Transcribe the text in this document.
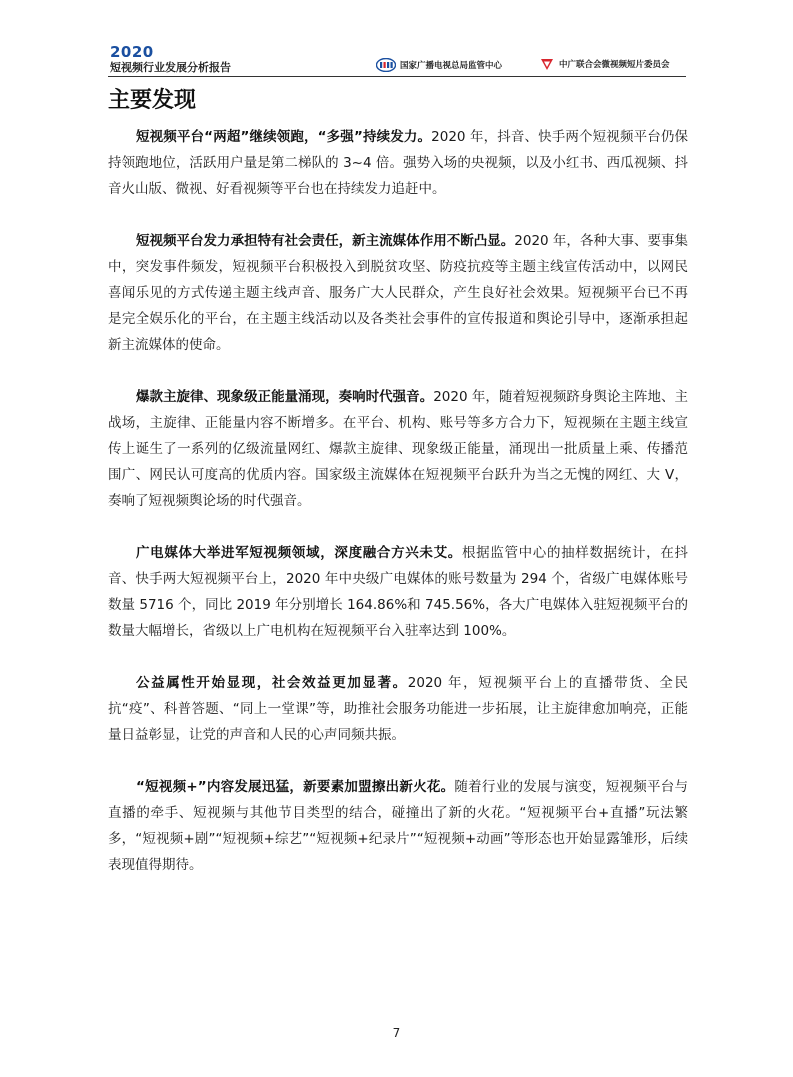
2020
短视频行业发展分析报告	国家广播电视总局监管中心	中广联合会微视频短片委员会
主要发现

短视频平台“两超”继续领跑，“多强”持续发力。2020 年，抖音、快手两个短视频平台仍保持领跑地位，活跃用户量是第二梯队的 3~4 倍。强势入场的央视频，以及小红书、西瓜视频、抖音火山版、微视、好看视频等平台也在持续发力追赶中。

短视频平台发力承担特有社会责任，新主流媒体作用不断凸显。2020 年，各种大事、要事集中，突发事件频发，短视频平台积极投入到脱贫攻坚、防疫抗疫等主题主线宣传活动中，以网民喜闻乐见的方式传递主题主线声音、服务广大人民群众，产生良好社会效果。短视频平台已不再是完全娱乐化的平台，在主题主线活动以及各类社会事件的宣传报道和舆论引导中，逐渐承担起新主流媒体的使命。

爆款主旋律、现象级正能量涌现，奏响时代强音。2020 年，随着短视频跻身舆论主阵地、主战场，主旋律、正能量内容不断增多。在平台、机构、账号等多方合力下，短视频在主题主线宣传上诞生了一系列的亿级流量网红、爆款主旋律、现象级正能量，涌现出一批质量上乘、传播范围广、网民认可度高的优质内容。国家级主流媒体在短视频平台跃升为当之无愧的网红、大 V，奏响了短视频舆论场的时代强音。

广电媒体大举进军短视频领域，深度融合方兴未艾。根据监管中心的抽样数据统计，在抖音、快手两大短视频平台上，2020 年中央级广电媒体的账号数量为 294 个，省级广电媒体账号数量 5716 个，同比 2019 年分别增长 164.86%和 745.56%，各大广电媒体入驻短视频平台的数量大幅增长，省级以上广电机构在短视频平台入驻率达到 100%。

公益属性开始显现，社会效益更加显著。2020 年，短视频平台上的直播带货、全民抗“疫”、科普答题、“同上一堂课”等，助推社会服务功能进一步拓展，让主旋律愈加响亮，正能量日益彰显，让党的声音和人民的心声同频共振。

“短视频+”内容发展迅猛，新要素加盟擦出新火花。随着行业的发展与演变，短视频平台与直播的牵手、短视频与其他节目类型的结合，碰撞出了新的火花。“短视频平台+直播”玩法繁多，“短视频+剧”“短视频+综艺”“短视频+纪录片”“短视频+动画”等形态也开始显露雏形，后续表现值得期待。

7
